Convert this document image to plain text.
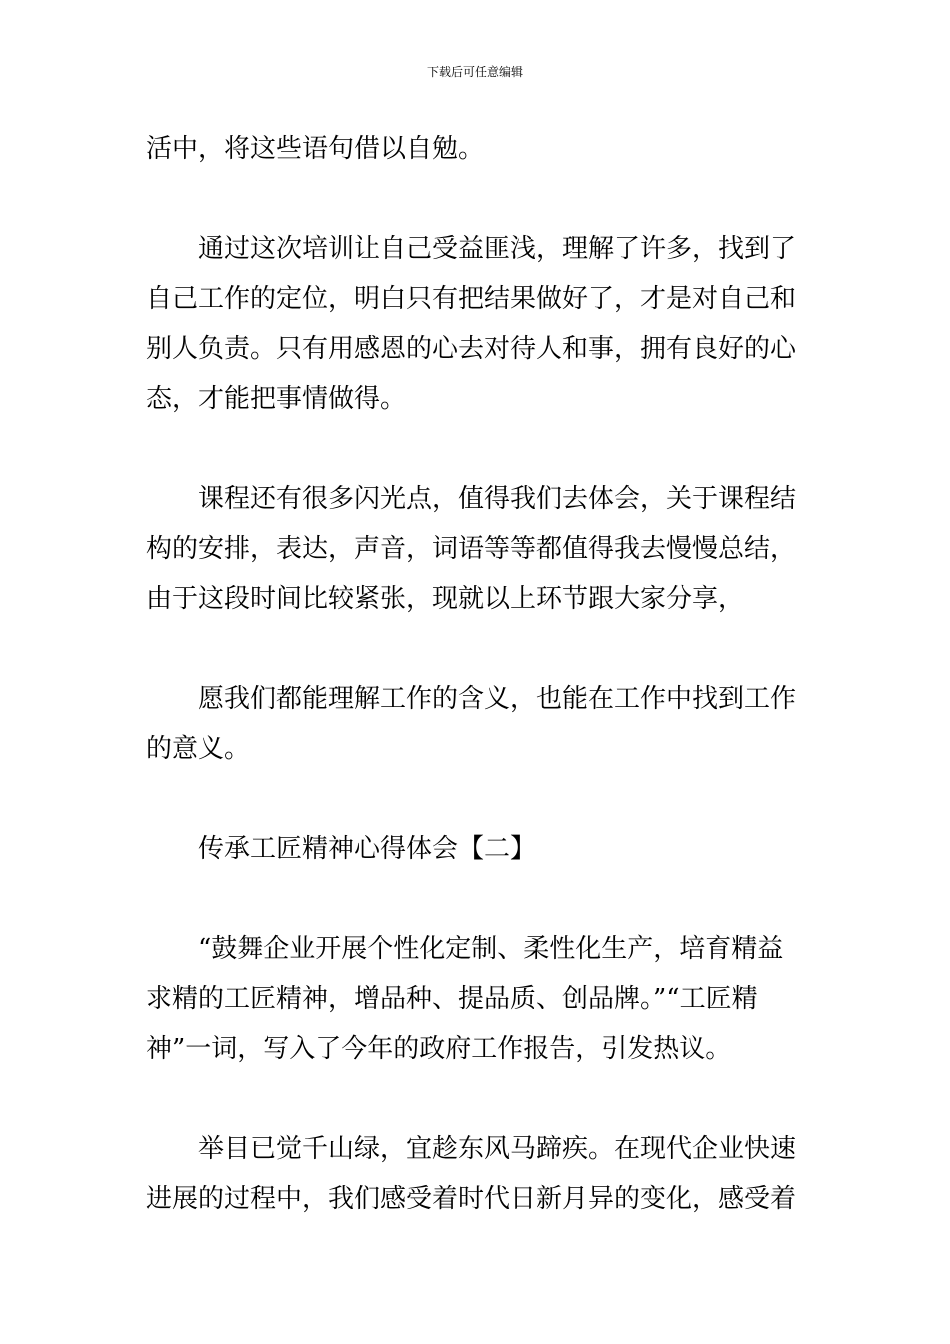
下载后可任意编辑
活中，将这些语句借以自勉。
通过这次培训让自己受益匪浅，理解了许多，找到了
自己工作的定位，明白只有把结果做好了，才是对自己和
别人负责。只有用感恩的心去对待人和事，拥有良好的心
态，才能把事情做得。
课程还有很多闪光点，值得我们去体会，关于课程结
构的安排，表达，声音，词语等等都值得我去慢慢总结，
由于这段时间比较紧张，现就以上环节跟大家分享，
愿我们都能理解工作的含义，也能在工作中找到工作
的意义。
传承工匠精神心得体会【二】
“鼓舞企业开展个性化定制、柔性化生产，培育精益
求精的工匠精神，增品种、提品质、创品牌。”“工匠精
神”一词，写入了今年的政府工作报告，引发热议。
举目已觉千山绿，宜趁东风马蹄疾。在现代企业快速
进展的过程中，我们感受着时代日新月异的变化，感受着
